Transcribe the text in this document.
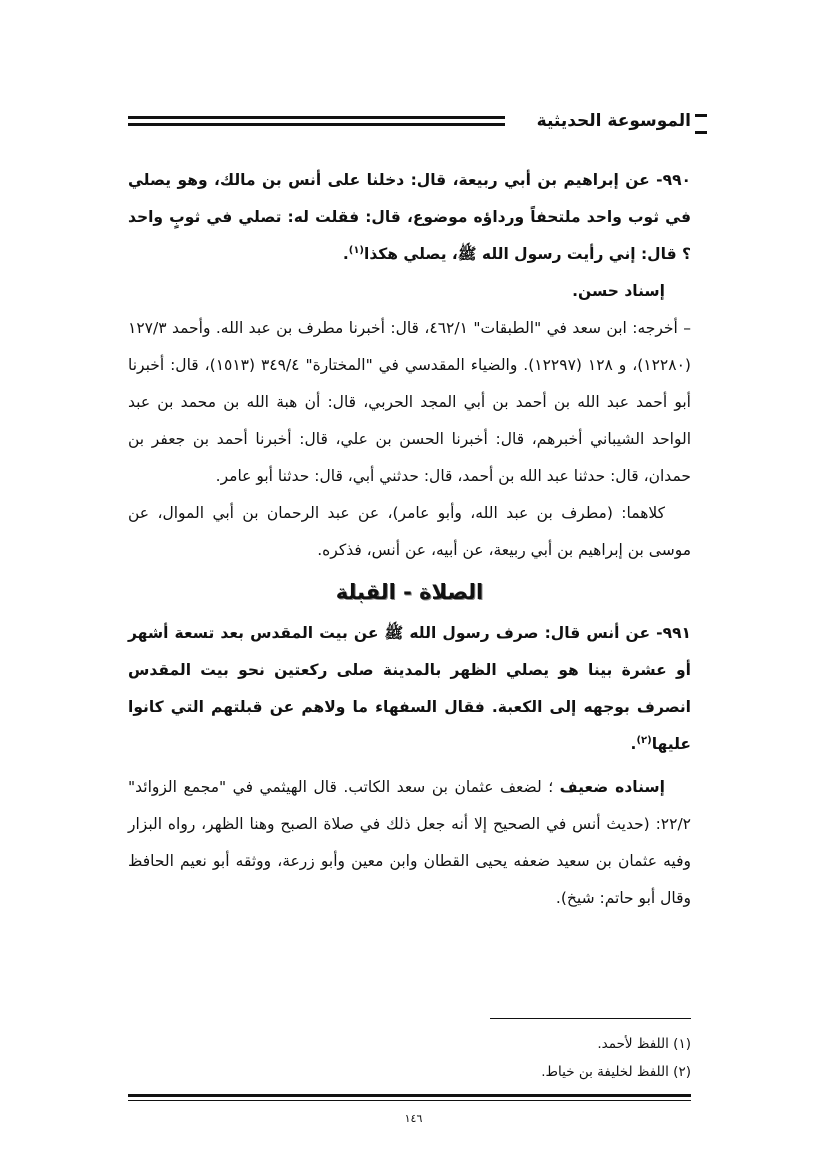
الموسوعة الحديثية

٩٩٠- عن إبراهيم بن أبي ربيعة، قال: دخلنا على أنس بن مالك، وهو يصلي في ثوب واحد ملتحفاً ورداؤه موضوع، قال: فقلت له: تصلي في ثوبٍ واحد ؟ قال: إني رأيت رسول الله ﷺ، يصلي هكذا$^{(١)}$.

إسناد حسن.

– أخرجه: ابن سعد في "الطبقات" ٤٦٢/١، قال: أخبرنا مطرف بن عبد الله. وأحمد ١٢٧/٣ (١٢٢٨٠)، و ١٢٨ (١٢٢٩٧). والضياء المقدسي في "المختارة" ٣٤٩/٤ (١٥١٣)، قال: أخبرنا أبو أحمد عبد الله بن أحمد بن أبي المجد الحربي، قال: أن هبة الله بن محمد بن عبد الواحد الشيباني أخبرهم، قال: أخبرنا الحسن بن علي، قال: أخبرنا أحمد بن جعفر بن حمدان، قال: حدثنا عبد الله بن أحمد، قال: حدثني أبي، قال: حدثنا أبو عامر.

كلاهما: (مطرف بن عبد الله، وأبو عامر)، عن عبد الرحمان بن أبي الموال، عن موسى بن إبراهيم بن أبي ربيعة، عن أبيه، عن أنس، فذكره.

الصلاة - القبلة

٩٩١- عن أنس قال: صرف رسول الله ﷺ عن بيت المقدس بعد تسعة أشهر أو عشرة بينا هو يصلي الظهر بالمدينة صلى ركعتين نحو بيت المقدس انصرف بوجهه إلى الكعبة. فقال السفهاء ما ولاهم عن قبلتهم التي كانوا عليها$^{(٢)}$.

إسناده ضعيف ؛ لضعف عثمان بن سعد الكاتب. قال الهيثمي في "مجمع الزوائد" ٢٢/٢: (حديث أنس في الصحيح إلا أنه جعل ذلك في صلاة الصبح وهنا الظهر، رواه البزار وفيه عثمان بن سعيد ضعفه يحيى القطان وابن معين وأبو زرعة، ووثقه أبو نعيم الحافظ وقال أبو حاتم: شيخ).

(١) اللفظ لأحمد.

(٢) اللفظ لخليفة بن خياط.

١٤٦
